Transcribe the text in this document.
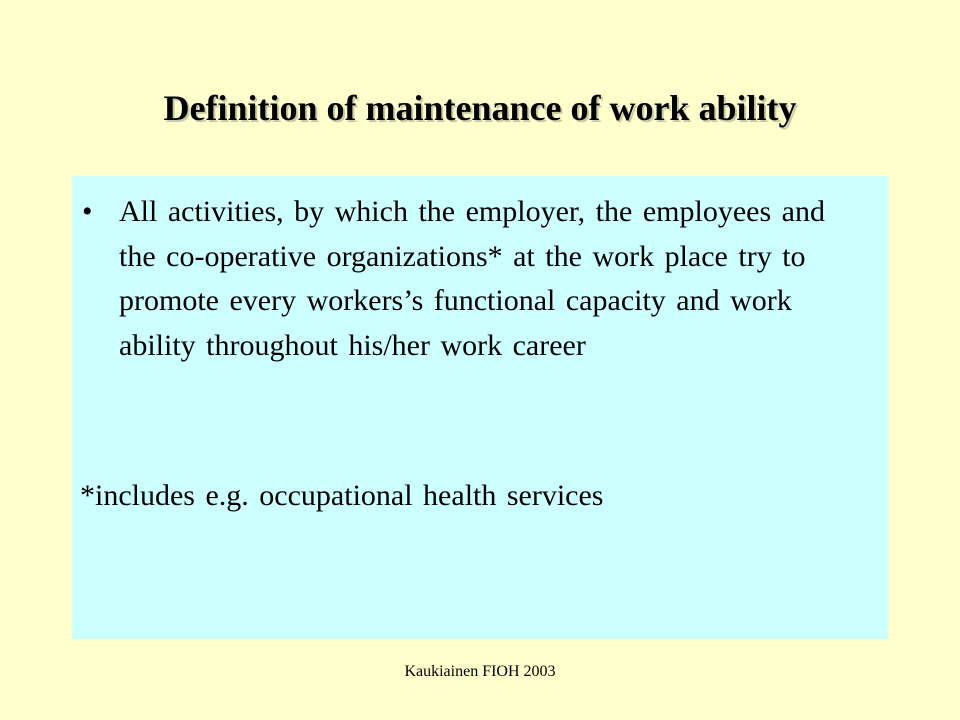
Definition of maintenance of work ability
• All activities, by which the employer, the employees and the co-operative organizations* at the work place try to promote every workers’s functional capacity and work ability throughout his/her work career
*includes e.g. occupational health services
Kaukiainen FIOH 2003
